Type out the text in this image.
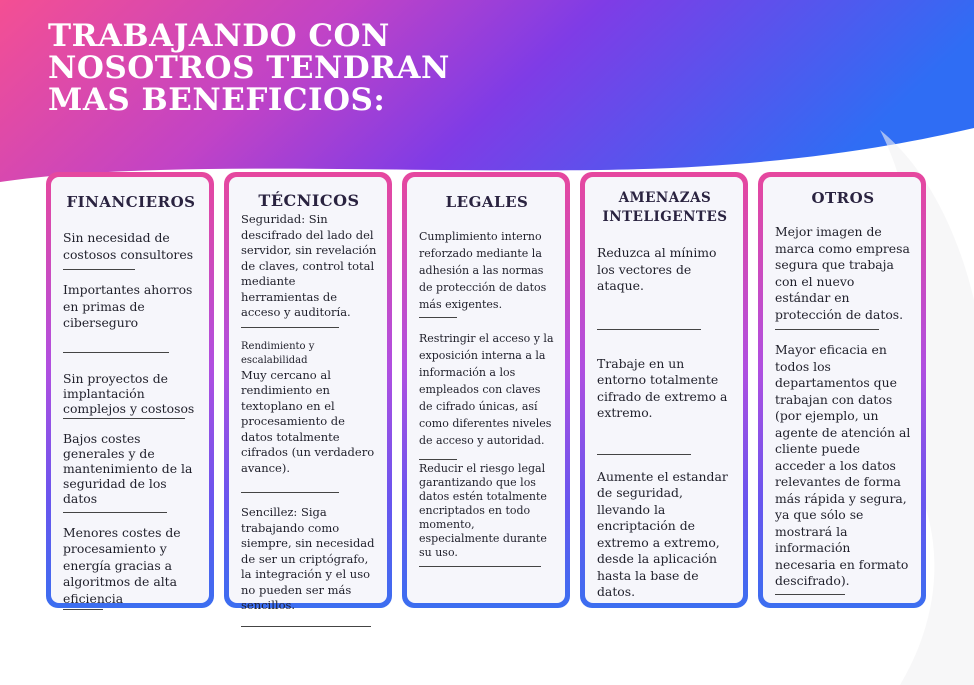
TRABAJANDO CON
NOSOTROS TENDRAN
MAS BENEFICIOS:
FINANCIEROS
Sin necesidad de costosos consultores
Importantes ahorros en primas de ciberseguro
Sin proyectos de implantación complejos y costosos
Bajos costes generales y de mantenimiento de la seguridad de los datos
Menores costes de procesamiento y energía gracias a algoritmos de alta eficiencia
TÉCNICOS
Seguridad: Sin descifrado del lado del servidor, sin revelación de claves, control total mediante herramientas de acceso y auditoría.
Rendimiento y escalabilidad
Muy cercano al rendimiento en textoplano en el procesamiento de datos totalmente cifrados (un verdadero avance).
Sencillez: Siga trabajando como siempre, sin necesidad de ser un criptógrafo, la integración y el uso no pueden ser más sencillos.
LEGALES
Cumplimiento interno reforzado mediante la adhesión a las normas de protección de datos más exigentes.
Restringir el acceso y la exposición interna a la información a los empleados con claves de cifrado únicas, así como diferentes niveles de acceso y autoridad.
Reducir el riesgo legal garantizando que los datos estén totalmente encriptados en todo momento, especialmente durante su uso.
AMENAZAS INTELIGENTES
Reduzca al mínimo los vectores de ataque.
Trabaje en un entorno totalmente cifrado de extremo a extremo.
Aumente el estandar de seguridad, llevando la encriptación de extremo a extremo, desde la aplicación hasta la base de datos.
OTROS
Mejor imagen de marca como empresa segura que trabaja con el nuevo estándar en protección de datos.
Mayor eficacia en todos los departamentos que trabajan con datos (por ejemplo, un agente de atención al cliente puede acceder a los datos relevantes de forma más rápida y segura, ya que sólo se mostrará la información necesaria en formato descifrado).
